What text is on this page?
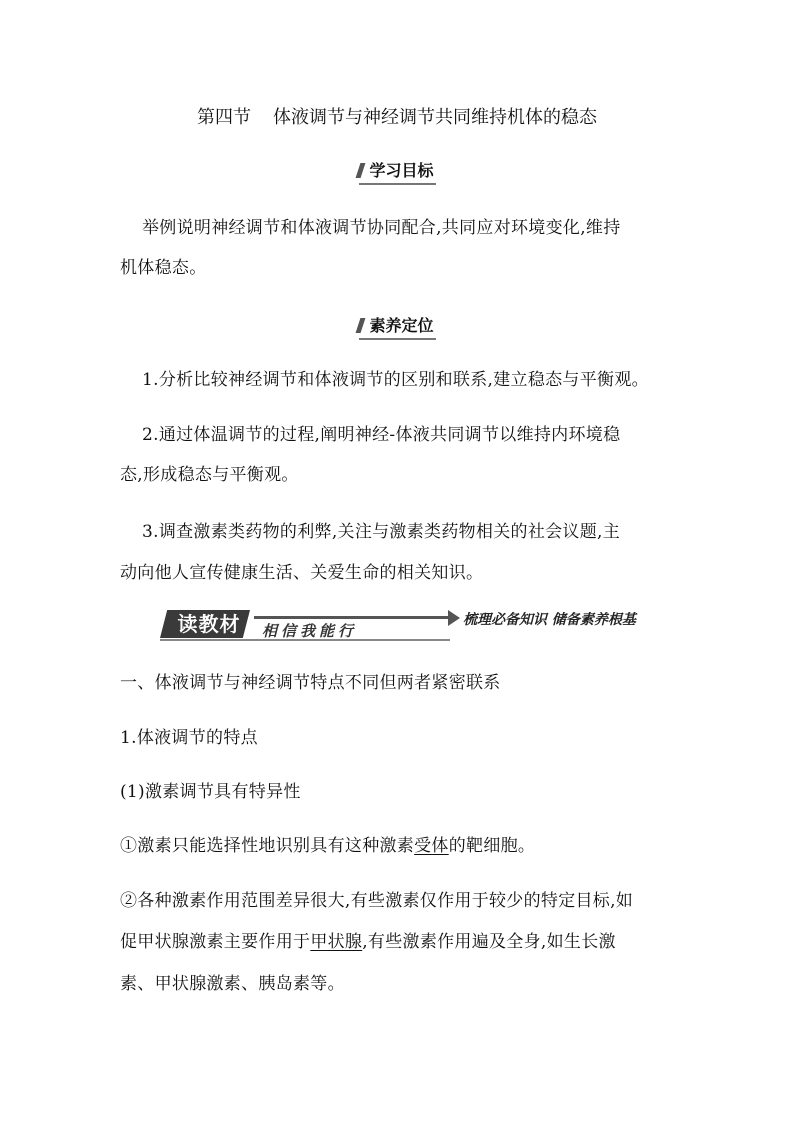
第四节 体液调节与神经调节共同维持机体的稳态
学习目标
举例说明神经调节和体液调节协同配合,共同应对环境变化,维持
机体稳态。
素养定位
1.分析比较神经调节和体液调节的区别和联系,建立稳态与平衡观。
2.通过体温调节的过程,阐明神经-体液共同调节以维持内环境稳
态,形成稳态与平衡观。
3.调查激素类药物的利弊,关注与激素类药物相关的社会议题,主
动向他人宣传健康生活、关爱生命的相关知识。
读教材	相信我能行
梳理必备知识 储备素养根基
一、体液调节与神经调节特点不同但两者紧密联系
1.体液调节的特点
(1)激素调节具有特异性
①激素只能选择性地识别具有这种激素受体的靶细胞。
②各种激素作用范围差异很大,有些激素仅作用于较少的特定目标,如
促甲状腺激素主要作用于甲状腺,有些激素作用遍及全身,如生长激
素、甲状腺激素、胰岛素等。
